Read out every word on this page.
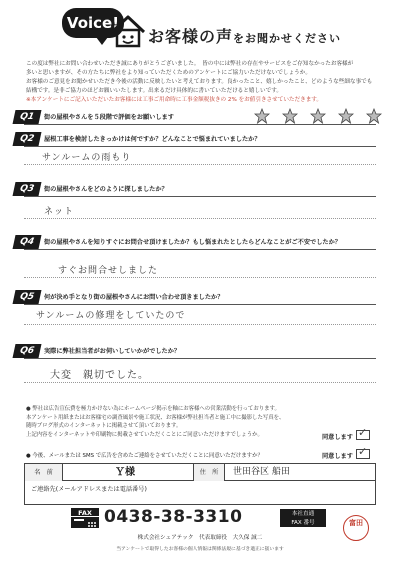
Voice!
お客様の声をお聞かせください

この度は弊社にお問い合わせいただき誠にありがとうございました。　皆の中には弊社の存在やサービスをご存知なかったお客様が

多いと思いますが、その方たちに弊社をより知っていただくためのアンケートにご協力いただけないでしょうか。

お客様のご意見をお聞かせいただき今後の活動に反映したいと考えております。良かったこと、嬉しかったこと、どのような些細な事でも

結構です。是非ご協力のほどお願いいたします。出来るだけ具体的に書いていただけると嬉しいです。

※本アンケートにご記入いただいたお客様には工事ご用命時に工事金額税抜きの 2% をお値引きさせていただきます。

Q1	街の屋根やさんを５段階で評価をお願いします
Q2	屋根工事を検討したきっかけは何ですか？どんなことで悩まれていましたか？
サンルームの雨もり
Q3	街の屋根やさんをどのように探しましたか？
ネット
Q4	街の屋根やさんを知りすぐにお問合せ頂けましたか？もし悩まれたとしたらどんなことがご不安でしたか？
すぐお問合せしました
Q5	何が決め手となり街の屋根やさんにお問い合わせ頂きましたか？
サンルームの修理をしていたので
Q6	実際に弊社担当者がお伺いしていかがでしたか？
大変　親切でした。

● 弊社は広告宣伝費を極力かけない為にホームページ掲示を軸にお客様への営業活動を行っております。

本アンケート用紙またはお客様宅の調査風景や施工状況、お客様が弊社担当者と施工中に撮影した写真を、

随時ブログ形式のインターネットに掲載させて頂いております。

上記内容をインターネットや印刷物に掲載させていただくことにご同意いただけますでしょうか。	同意します ✓
● 今後、メールまたは SMS で広告を含めたご連絡をさせていただくことに同意いただけますか？	同意します ✓
名　前	Ｙ様	住　所	世田谷区 船田
ご連絡先(メールアドレスまたは電話番号)
FAX 0438-38-3310	本社直通
FAX 番号	富田
株式会社シェアテック　代表取締役　大久保 誠二
当アンケートで取得したお客様の個人情報は関係法規に基づき適正に扱います
